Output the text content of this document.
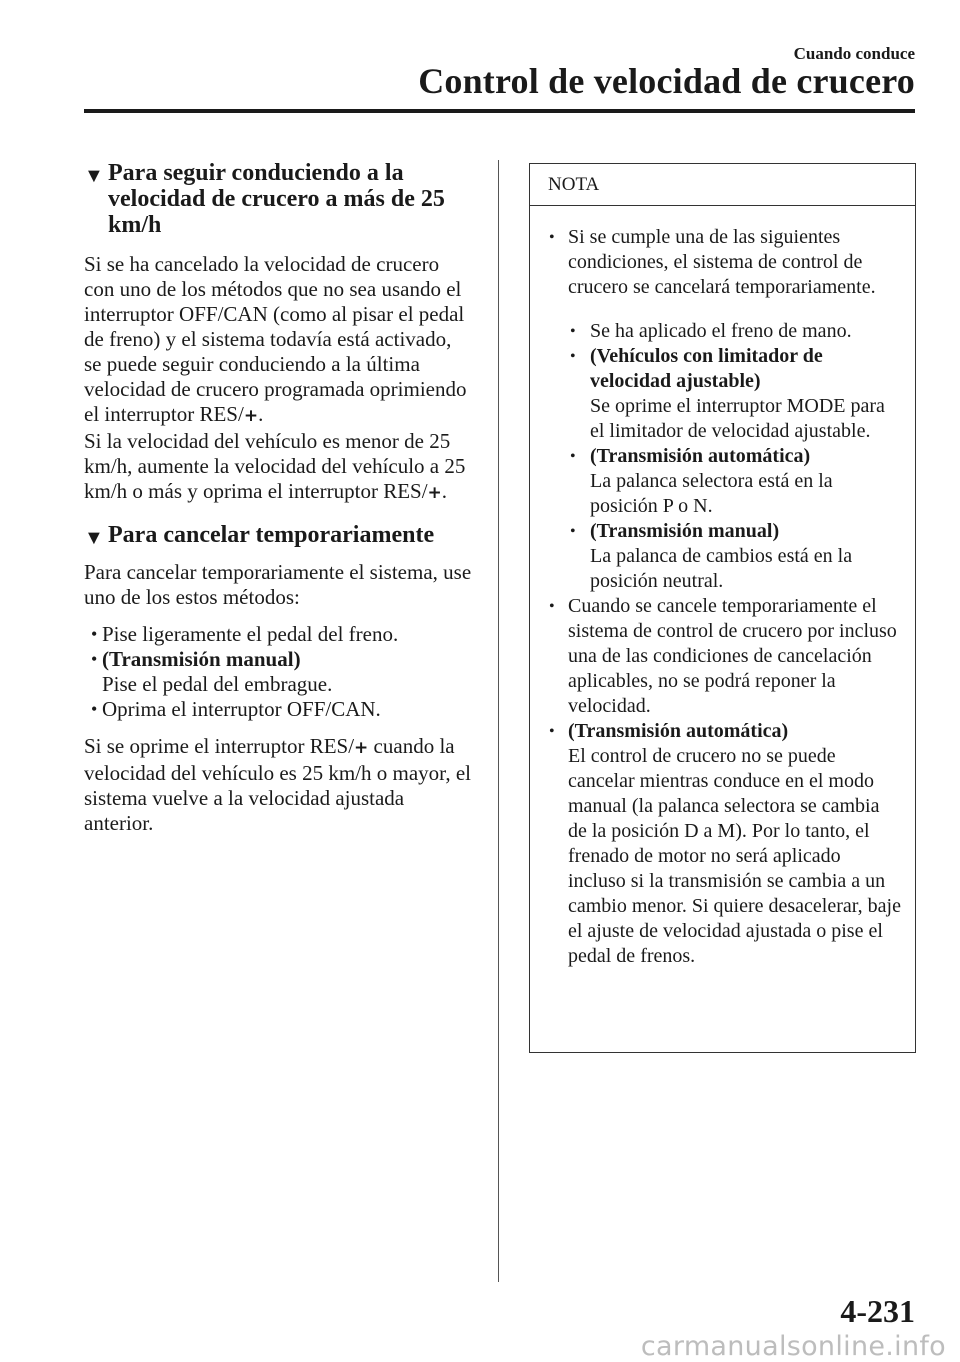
Cuando conduce
Control de velocidad de crucero
▼ Para seguir conduciendo a la velocidad de crucero a más de 25 km/h

Si se ha cancelado la velocidad de crucero con uno de los métodos que no sea usando el interruptor OFF/CAN (como al pisar el pedal de freno) y el sistema todavía está activado, se puede seguir conduciendo a la última velocidad de crucero programada oprimiendo el interruptor RES/+.
Si la velocidad del vehículo es menor de 25 km/h, aumente la velocidad del vehículo a 25 km/h o más y oprima el interruptor RES/+.

▼ Para cancelar temporariamente

Para cancelar temporariamente el sistema, use uno de los estos métodos:

• Pise ligeramente el pedal del freno.
• (Transmisión manual)
Pise el pedal del embrague.
• Oprima el interruptor OFF/CAN.

Si se oprime el interruptor RES/+ cuando la velocidad del vehículo es 25 km/h o mayor, el sistema vuelve a la velocidad ajustada anterior.

NOTA
• Si se cumple una de las siguientes condiciones, el sistema de control de crucero se cancelará temporariamente.
• Se ha aplicado el freno de mano.
• (Vehículos con limitador de velocidad ajustable)
Se oprime el interruptor MODE para el limitador de velocidad ajustable.
• (Transmisión automática)
La palanca selectora está en la posición P o N.
• (Transmisión manual)
La palanca de cambios está en la posición neutral.
• Cuando se cancele temporariamente el sistema de control de crucero por incluso una de las condiciones de cancelación aplicables, no se podrá reponer la velocidad.
• (Transmisión automática)
El control de crucero no se puede cancelar mientras conduce en el modo manual (la palanca selectora se cambia de la posición D a M). Por lo tanto, el frenado de motor no será aplicado incluso si la transmisión se cambia a un cambio menor. Si quiere desacelerar, baje el ajuste de velocidad ajustada o pise el pedal de frenos.
4-231
carmanualsonline.info
